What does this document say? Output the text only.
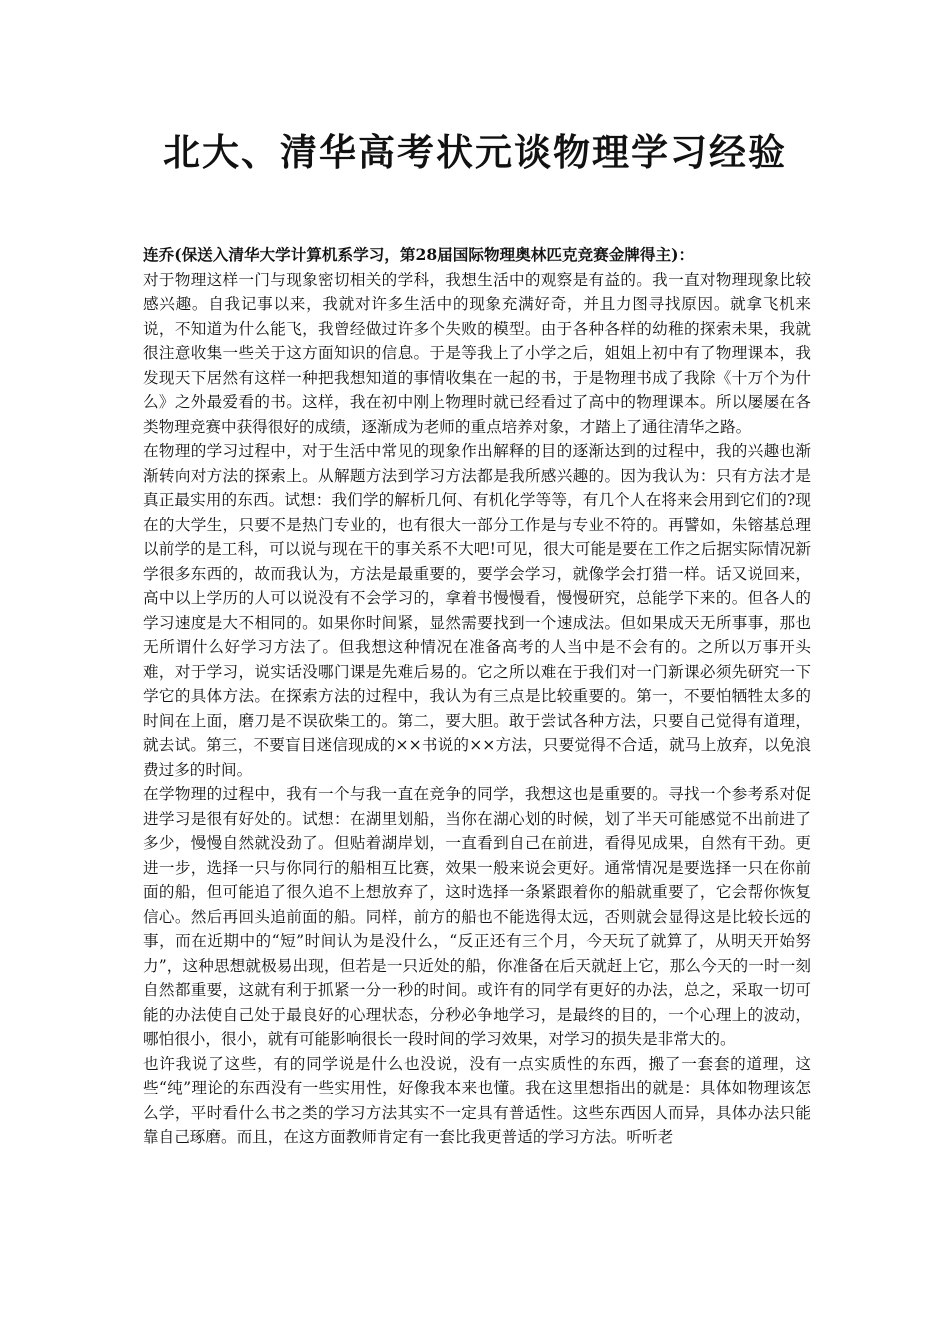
北大、清华高考状元谈物理学习经验

连乔(保送入清华大学计算机系学习，第28届国际物理奥林匹克竞赛金牌得主)：

对于物理这样一门与现象密切相关的学科，我想生活中的观察是有益的。我一直对物理现象比较感兴趣。自我记事以来，我就对许多生活中的现象充满好奇，并且力图寻找原因。就拿飞机来说，不知道为什么能飞，我曾经做过许多个失败的模型。由于各种各样的幼稚的探索未果，我就很注意收集一些关于这方面知识的信息。于是等我上了小学之后，姐姐上初中有了物理课本，我发现天下居然有这样一种把我想知道的事情收集在一起的书，于是物理书成了我除《十万个为什么》之外最爱看的书。这样，我在初中刚上物理时就已经看过了高中的物理课本。所以屡屡在各类物理竞赛中获得很好的成绩，逐渐成为老师的重点培养对象，才踏上了通往清华之路。

在物理的学习过程中，对于生活中常见的现象作出解释的目的逐渐达到的过程中，我的兴趣也渐渐转向对方法的探索上。从解题方法到学习方法都是我所感兴趣的。因为我认为：只有方法才是真正最实用的东西。试想：我们学的解析几何、有机化学等等，有几个人在将来会用到它们的?现在的大学生，只要不是热门专业的，也有很大一部分工作是与专业不符的。再譬如，朱镕基总理以前学的是工科，可以说与现在干的事关系不大吧!可见，很大可能是要在工作之后据实际情况新学很多东西的，故而我认为，方法是最重要的，要学会学习，就像学会打猎一样。话又说回来，高中以上学历的人可以说没有不会学习的，拿着书慢慢看，慢慢研究，总能学下来的。但各人的学习速度是大不相同的。如果你时间紧，显然需要找到一个速成法。但如果成天无所事事，那也无所谓什么好学习方法了。但我想这种情况在准备高考的人当中是不会有的。之所以万事开头难，对于学习，说实话没哪门课是先难后易的。它之所以难在于我们对一门新课必须先研究一下学它的具体方法。在探索方法的过程中，我认为有三点是比较重要的。第一，不要怕牺牲太多的时间在上面，磨刀是不误砍柴工的。第二，要大胆。敢于尝试各种方法，只要自己觉得有道理，就去试。第三，不要盲目迷信现成的××书说的××方法，只要觉得不合适，就马上放弃，以免浪费过多的时间。

在学物理的过程中，我有一个与我一直在竞争的同学，我想这也是重要的。寻找一个参考系对促进学习是很有好处的。试想：在湖里划船，当你在湖心划的时候，划了半天可能感觉不出前进了多少，慢慢自然就没劲了。但贴着湖岸划，一直看到自己在前进，看得见成果，自然有干劲。更进一步，选择一只与你同行的船相互比赛，效果一般来说会更好。通常情况是要选择一只在你前面的船，但可能追了很久追不上想放弃了，这时选择一条紧跟着你的船就重要了，它会帮你恢复信心。然后再回头追前面的船。同样，前方的船也不能选得太远，否则就会显得这是比较长远的事，而在近期中的“短”时间认为是没什么，“反正还有三个月，今天玩了就算了，从明天开始努力”，这种思想就极易出现，但若是一只近处的船，你准备在后天就赶上它，那么今天的一时一刻自然都重要，这就有利于抓紧一分一秒的时间。或许有的同学有更好的办法，总之，采取一切可能的办法使自己处于最良好的心理状态，分秒必争地学习，是最终的目的，一个心理上的波动，哪怕很小，很小，就有可能影响很长一段时间的学习效果，对学习的损失是非常大的。

也许我说了这些，有的同学说是什么也没说，没有一点实质性的东西，搬了一套套的道理，这些“纯”理论的东西没有一些实用性，好像我本来也懂。我在这里想指出的就是：具体如物理该怎么学，平时看什么书之类的学习方法其实不一定具有普适性。这些东西因人而异，具体办法只能靠自己琢磨。而且，在这方面教师肯定有一套比我更普适的学习方法。听听老
